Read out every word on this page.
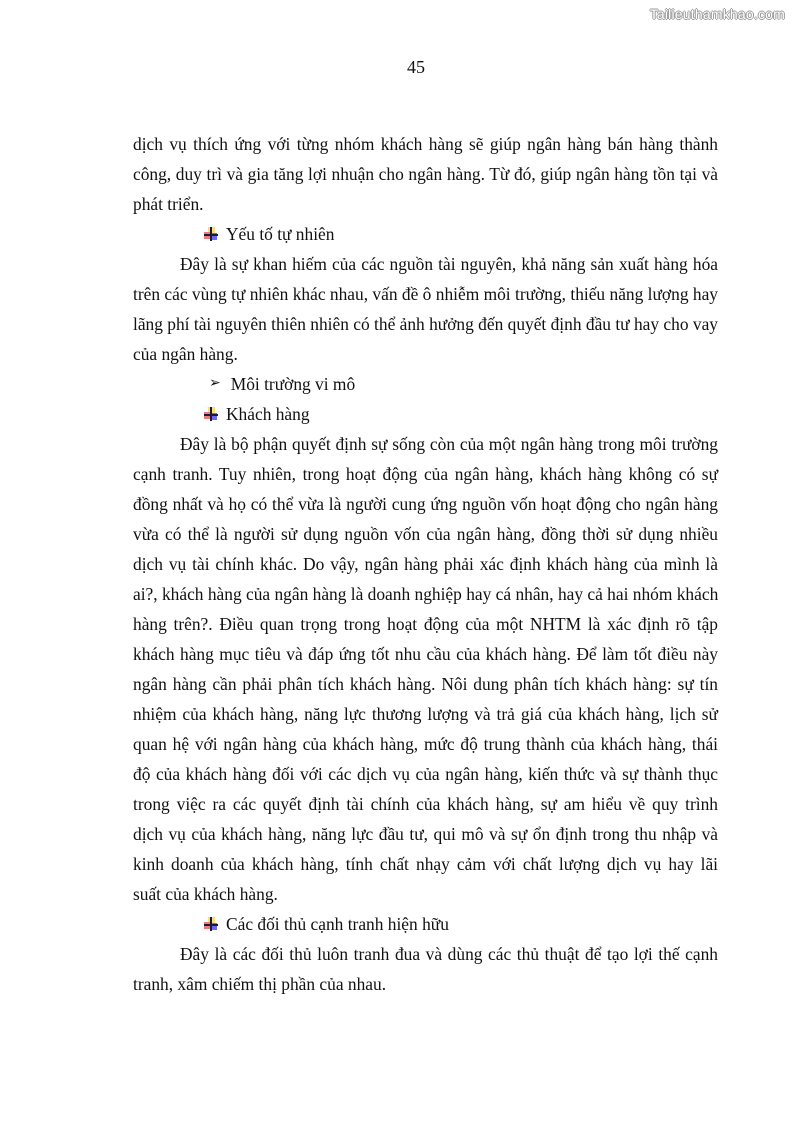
Tailieuthamkhao.com
45

dịch vụ thích ứng với từng nhóm khách hàng sẽ giúp ngân hàng bán hàng thành
công, duy trì và gia tăng lợi nhuận cho ngân hàng. Từ đó, giúp ngân hàng tồn tại và
phát triển.

Yếu tố tự nhiên

Đây là sự khan hiếm của các nguồn tài nguyên, khả năng sản xuất hàng hóa
trên các vùng tự nhiên khác nhau, vấn đề ô nhiễm môi trường, thiếu năng lượng hay
lãng phí tài nguyên thiên nhiên có thể ảnh hưởng đến quyết định đầu tư hay cho vay
của ngân hàng.

➢ Môi trường vi mô
Khách hàng

Đây là bộ phận quyết định sự sống còn của một ngân hàng trong môi trường
cạnh tranh. Tuy nhiên, trong hoạt động của ngân hàng, khách hàng không có sự
đồng nhất và họ có thể vừa là người cung ứng nguồn vốn hoạt động cho ngân hàng
vừa có thể là người sử dụng nguồn vốn của ngân hàng, đồng thời sử dụng nhiều
dịch vụ tài chính khác. Do vậy, ngân hàng phải xác định khách hàng của mình là
ai?, khách hàng của ngân hàng là doanh nghiệp hay cá nhân, hay cả hai nhóm khách
hàng trên?. Điều quan trọng trong hoạt động của một NHTM là xác định rõ tập
khách hàng mục tiêu và đáp ứng tốt nhu cầu của khách hàng. Để làm tốt điều này
ngân hàng cần phải phân tích khách hàng. Nôi dung phân tích khách hàng: sự tín
nhiệm của khách hàng, năng lực thương lượng và trả giá của khách hàng, lịch sử
quan hệ với ngân hàng của khách hàng, mức độ trung thành của khách hàng, thái
độ của khách hàng đối với các dịch vụ của ngân hàng, kiến thức và sự thành thục
trong việc ra các quyết định tài chính của khách hàng, sự am hiểu về quy trình
dịch vụ của khách hàng, năng lực đầu tư, qui mô và sự ổn định trong thu nhập và
kinh doanh của khách hàng, tính chất nhạy cảm với chất lượng dịch vụ hay lãi
suất của khách hàng.

Các đối thủ cạnh tranh hiện hữu

Đây là các đối thủ luôn tranh đua và dùng các thủ thuật để tạo lợi thế cạnh
tranh, xâm chiếm thị phần của nhau.
